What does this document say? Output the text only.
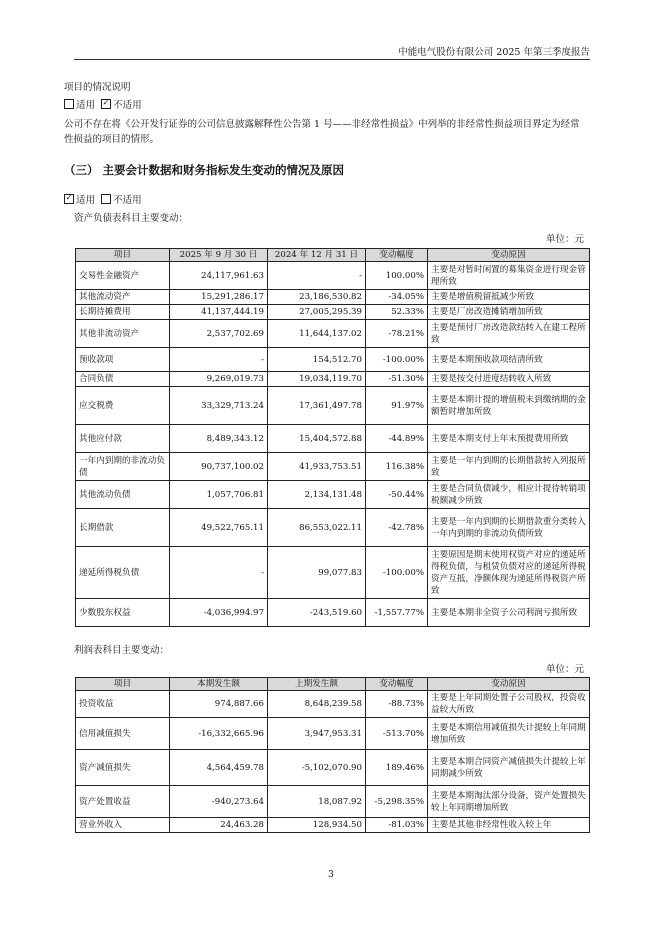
中能电气股份有限公司 2025 年第三季度报告
项目的情况说明
适用 ✓ 不适用
公司不存在将《公开发行证券的公司信息披露解释性公告第 1 号——非经常性损益》中列举的非经常性损益项目界定为经常性损益的项目的情形。
（三） 主要会计数据和财务指标发生变动的情况及原因
✓适用 不适用
资产负债表科目主要变动：
单位：元
项目	2025 年 9 月 30 日	2024 年 12 月 31 日	变动幅度	变动原因
交易性金融资产	24,117,961.63	-	100.00%	主要是对暂时闲置的募集资金进行现金管理所致
其他流动资产	15,291,286.17	23,186,530.82	-34.05%	主要是增值税留抵减少所致
长期待摊费用	41,137,444.19	27,005,295.39	52.33%	主要是厂房改造摊销增加所致
其他非流动资产	2,537,702.69	11,644,137.02	-78.21%	主要是预付厂房改造款结转入在建工程所致
预收款项	-	154,512.70	-100.00%	主要是本期预收款项结清所致
合同负债	9,269,019.73	19,034,119.70	-51.30%	主要是按交付进度结转收入所致
应交税费	33,329,713.24	17,361,497.78	91.97%	主要是本期计提的增值税未到缴纳期的金额暂时增加所致
其他应付款	8,489,343.12	15,404,572.88	-44.89%	主要是本期支付上年末预提费用所致
一年内到期的非流动负债	90,737,100.02	41,933,753.51	116.38%	主要是一年内到期的长期借款转入列报所致
其他流动负债	1,057,706.81	2,134,131.48	-50.44%	主要是合同负债减少，相应计提待转销项税额减少所致
长期借款	49,522,765.11	86,553,022.11	-42.78%	主要是一年内到期的长期借款重分类转入一年内到期的非流动负债所致
递延所得税负债	-	99,077.83	-100.00%	主要原因是期末使用权资产对应的递延所得税负债，与租赁负债对应的递延所得税资产互抵，净额体现为递延所得税资产所致
少数股东权益	-4,036,994.97	-243,519.60	-1,557.77%	主要是本期非全资子公司利润亏损所致
利润表科目主要变动：
单位：元
项目	本期发生额	上期发生额	变动幅度	变动原因
投资收益	974,887.66	8,648,239.58	-88.73%	主要是上年同期处置子公司股权，投资收益较大所致
信用减值损失	-16,332,665.96	3,947,953.31	-513.70%	主要是本期信用减值损失计提较上年同期增加所致
资产减值损失	4,564,459.78	-5,102,070.90	189.46%	主要是本期合同资产减值损失计提较上年同期减少所致
资产处置收益	-940,273.64	18,087.92	-5,298.35%	主要是本期淘汰部分设备，资产处置损失较上年同期增加所致
营业外收入	24,463.28	128,934.50	-81.03%	主要是其他非经常性收入较上年
3
